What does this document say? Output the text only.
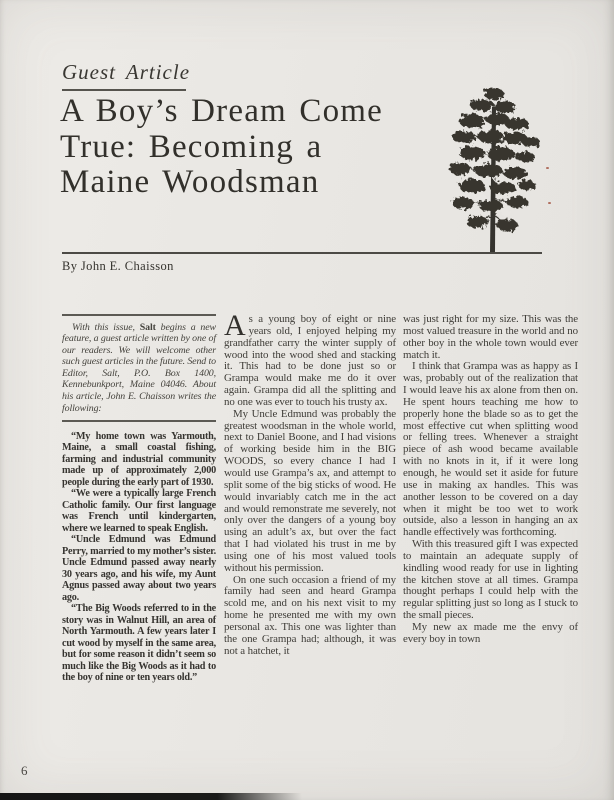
Guest Article
A Boy’s Dream Come
True: Becoming a
Maine Woodsman
By John E. Chaisson

With this issue, Salt begins a new feature, a guest article written by one of our readers. We will welcome other such guest articles in the future. Send to Editor, Salt, P.O. Box 1400, Kennebunkport, Maine 04046. About his article, John E. Chaisson writes the following:

“My home town was Yarmouth, Maine, a small coastal fishing, farming and industrial community made up of approximately 2,000 people during the early part of 1930.

“We were a typically large French Catholic family. Our first language was French until kindergarten, where we learned to speak English.

“Uncle Edmund was Edmund Perry, married to my mother’s sister. Uncle Edmund passed away nearly 30 years ago, and his wife, my Aunt Agnus passed away about two years ago.

“The Big Woods referred to in the story was in Walnut Hill, an area of North Yarmouth. A few years later I cut wood by myself in the same area, but for some reason it didn’t seem so much like the Big Woods as it had to the boy of nine or ten years old.”

As a young boy of eight or nine years old, I enjoyed helping my grandfather carry the winter supply of wood into the wood shed and stacking it. This had to be done just so or Grampa would make me do it over again. Grampa did all the splitting and no one was ever to touch his trusty ax.

My Uncle Edmund was probably the greatest woodsman in the whole world, next to Daniel Boone, and I had visions of working beside him in the BIG WOODS, so every chance I had I would use Grampa’s ax, and attempt to split some of the big sticks of wood. He would invariably catch me in the act and would remonstrate me severely, not only over the dangers of a young boy using an adult’s ax, but over the fact that I had violated his trust in me by using one of his most valued tools without his permission.

On one such occasion a friend of my family had seen and heard Grampa scold me, and on his next visit to my home he presented me with my own personal ax. This one was lighter than the one Grampa had; although, it was not a hatchet, it

was just right for my size. This was the most valued treasure in the world and no other boy in the whole town would ever match it.

I think that Grampa was as happy as I was, probably out of the realization that I would leave his ax alone from then on. He spent hours teaching me how to properly hone the blade so as to get the most effective cut when splitting wood or felling trees. Whenever a straight piece of ash wood became available with no knots in it, if it were long enough, he would set it aside for future use in making ax handles. This was another lesson to be covered on a day when it might be too wet to work outside, also a lesson in hanging an ax handle effectively was forthcoming.

With this treasured gift I was expected to maintain an adequate supply of kindling wood ready for use in lighting the kitchen stove at all times. Grampa thought perhaps I could help with the regular splitting just so long as I stuck to the small pieces.

My new ax made me the envy of every boy in town

6
